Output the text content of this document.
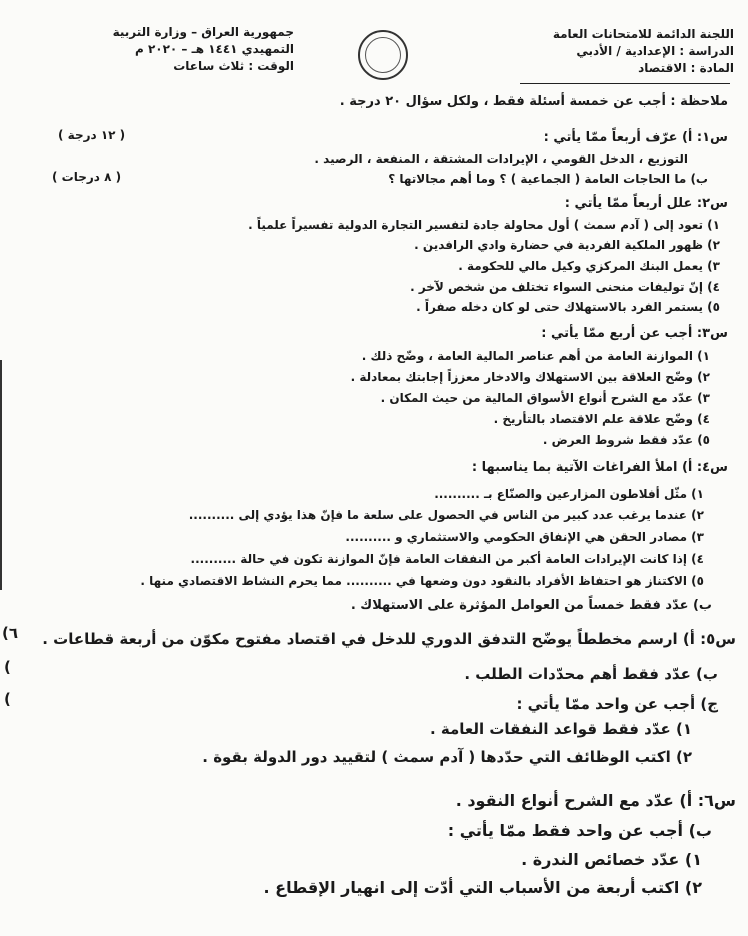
اللجنة الدائمة للامتحانات العامة
الدراسة : الإعدادية / الأدبي
المادة : الاقتصاد
جمهورية العراق – وزارة التربية
التمهيدي ١٤٤١ هـ – ٢٠٢٠ م
الوقت : ثلاث ساعات
ملاحظة : أجب عن خمسة أسئلة فقط ، ولكل سؤال ٢٠ درجة .
س١: أ) عرّف أربعاً ممّا يأتي :
( ١٢ درجة )
التوزيع ، الدخل القومي ، الإيرادات المشتقة ، المنفعة ، الرصيد .
ب) ما الحاجات العامة ( الجماعية ) ؟ وما أهم مجالاتها ؟
( ٨ درجات )
س٢: علل أربعاً ممّا يأتي :
١) تعود إلى ( آدم سمث ) أول محاولة جادة لتفسير التجارة الدولية تفسيراً علمياً .
٢) ظهور الملكية الفردية في حضارة وادي الرافدين .
٣) يعمل البنك المركزي وكيل مالي للحكومة .
٤) إنّ توليفات منحنى السواء تختلف من شخص لآخر .
٥) يستمر الفرد بالاستهلاك حتى لو كان دخله صفراً .
س٣: أجب عن أربع ممّا يأتي :
١) الموازنة العامة من أهم عناصر المالية العامة ، وضّح ذلك .
٢) وضّح العلاقة بين الاستهلاك والادخار معززاً إجابتك بمعادلة .
٣) عدّد مع الشرح أنواع الأسواق المالية من حيث المكان .
٤) وضّح علاقة علم الاقتصاد بالتأريخ .
٥) عدّد فقط شروط العرض .
س٤: أ) املأ الفراغات الآتية بما يناسبها :
١) مثّل أفلاطون المزارعين والصنّاع بـ ..........
٢) عندما يرغب عدد كبير من الناس في الحصول على سلعة ما فإنّ هذا يؤدي إلى ..........
٣) مصادر الحقن هي الإنفاق الحكومي والاستثماري و ..........
٤) إذا كانت الإيرادات العامة أكبر من النفقات العامة فإنّ الموازنة تكون في حالة ..........
٥) الاكتناز هو احتفاظ الأفراد بالنقود دون وضعها في .......... مما يحرم النشاط الاقتصادي منها .
ب) عدّد فقط خمساً من العوامل المؤثرة على الاستهلاك .
س٥: أ) ارسم مخططاً يوضّح التدفق الدوري للدخل في اقتصاد مفتوح مكوّن من أربعة قطاعات .
ب) عدّد فقط أهم محدّدات الطلب .
ج) أجب عن واحد ممّا يأتي :
١) عدّد فقط قواعد النفقات العامة .
٢) اكتب الوظائف التي حدّدها ( آدم سمث ) لتقييد دور الدولة بقوة .
س٦: أ) عدّد مع الشرح أنواع النقود .
ب) أجب عن واحد فقط ممّا يأتي :
١) عدّد خصائص الندرة .
٢) اكتب أربعة من الأسباب التي أدّت إلى انهيار الإقطاع .
(٦
(
(
